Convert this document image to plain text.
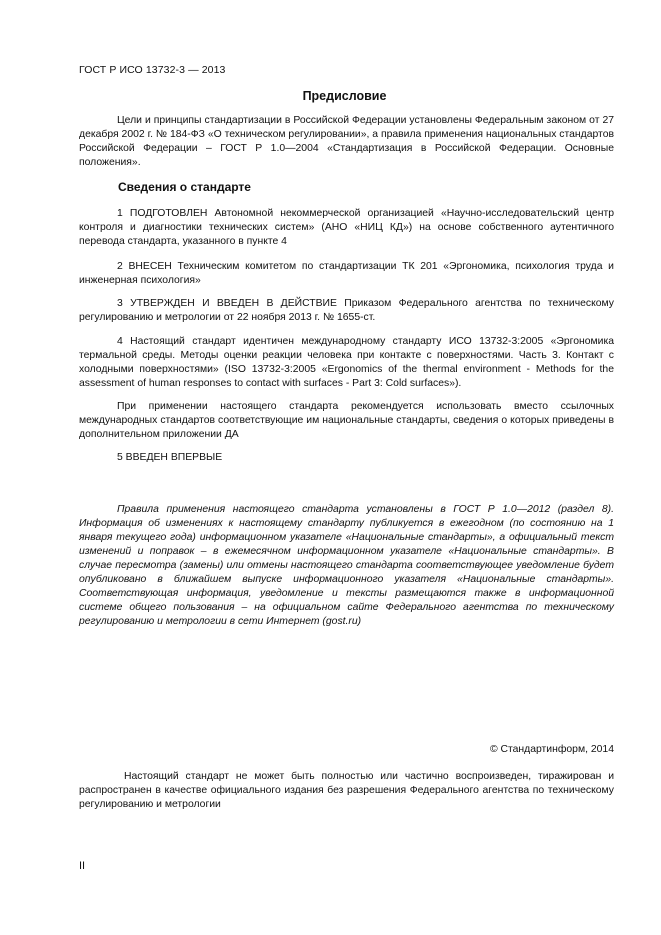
ГОСТ Р ИСО 13732-3 — 2013
Предисловие

Цели и принципы стандартизации в Российской Федерации установлены Федеральным законом от 27 декабря 2002 г. № 184-ФЗ «О техническом регулировании», а правила применения национальных стандартов Российской Федерации – ГОСТ Р 1.0—2004 «Стандартизация в Российской Федерации. Основные положения».

Сведения о стандарте

1 ПОДГОТОВЛЕН Автономной некоммерческой организацией «Научно-исследовательский центр контроля и диагностики технических систем» (АНО «НИЦ КД») на основе собственного аутентичного перевода стандарта, указанного в пункте 4

2 ВНЕСЕН Техническим комитетом по стандартизации ТК 201 «Эргономика, психология труда и инженерная психология»

3 УТВЕРЖДЕН И ВВЕДЕН В ДЕЙСТВИЕ Приказом Федерального агентства по техническому регулированию и метрологии от 22 ноября 2013 г. № 1655-ст.

4 Настоящий стандарт идентичен международному стандарту ИСО 13732-3:2005 «Эргономика термальной среды. Методы оценки реакции человека при контакте с поверхностями. Часть 3. Контакт с холодными поверхностями» (ISO 13732-3:2005 «Ergonomics of the thermal environment - Methods for the assessment of human responses to contact with surfaces - Part 3: Cold surfaces»).

При применении настоящего стандарта рекомендуется использовать вместо ссылочных международных стандартов соответствующие им национальные стандарты, сведения о которых приведены в дополнительном приложении ДА

5 ВВЕДЕН ВПЕРВЫЕ

Правила применения настоящего стандарта установлены в ГОСТ Р 1.0—2012 (раздел 8). Информация об изменениях к настоящему стандарту публикуется в ежегодном (по состоянию на 1 января текущего года) информационном указателе «Национальные стандарты», а официальный текст изменений и поправок – в ежемесячном информационном указателе «Национальные стандарты». В случае пересмотра (замены) или отмены настоящего стандарта соответствующее уведомление будет опубликовано в ближайшем выпуске информационного указателя «Национальные стандарты». Соответствующая информация, уведомление и тексты размещаются также в информационной системе общего пользования – на официальном сайте Федерального агентства по техническому регулированию и метрологии в сети Интернет (gost.ru)

© Стандартинформ, 2014

Настоящий стандарт не может быть полностью или частично воспроизведен, тиражирован и распространен в качестве официального издания без разрешения Федерального агентства по техническому регулированию и метрологии

II
